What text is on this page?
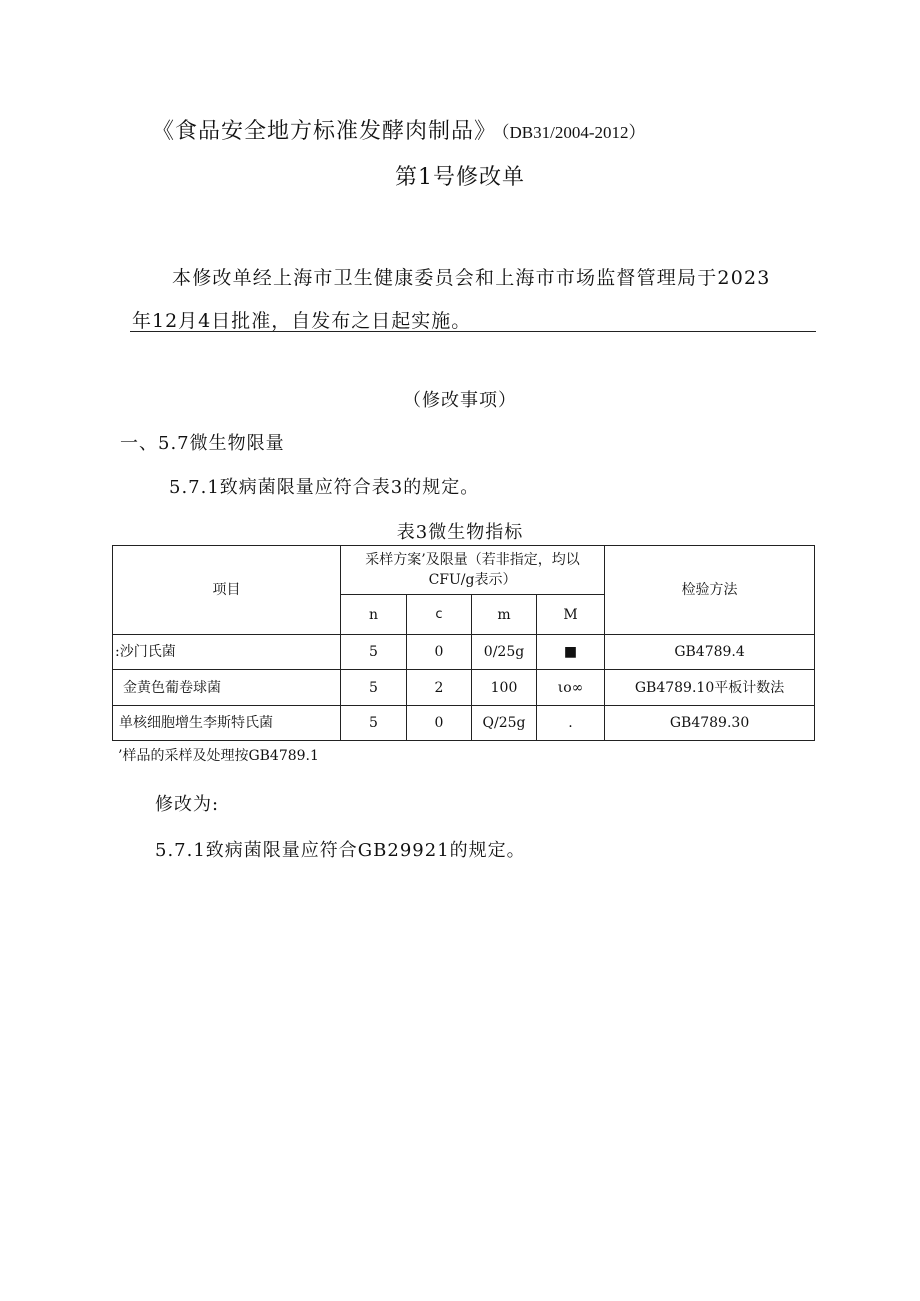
《食品安全地方标准发酵肉制品》 （DB31/2004-2012）
第1号修改单
本修改单经上海市卫生健康委员会和上海市市场监督管理局于2023
年12月4日批准，自发布之日起实施。
（修改事项）
一、5.7微生物限量
5.7.1致病菌限量应符合表3的规定。
表3微生物指标
项目	采样方案’及限量（若非指定，均以CFU/g表示）				检验方法
	n	c	m	M	
:沙门氏菌	5	0	0∕25g	■	GB4789.4
金黄色葡卷球菌	5	2	100	ιo∞	GB4789.10平板计数法
单核细胞增生李斯特氏菌	5	0	Q∕25g	.	GB4789.30
’样品的采样及处理按GB4789.1
修改为:
5.7.1致病菌限量应符合GB29921的规定。
